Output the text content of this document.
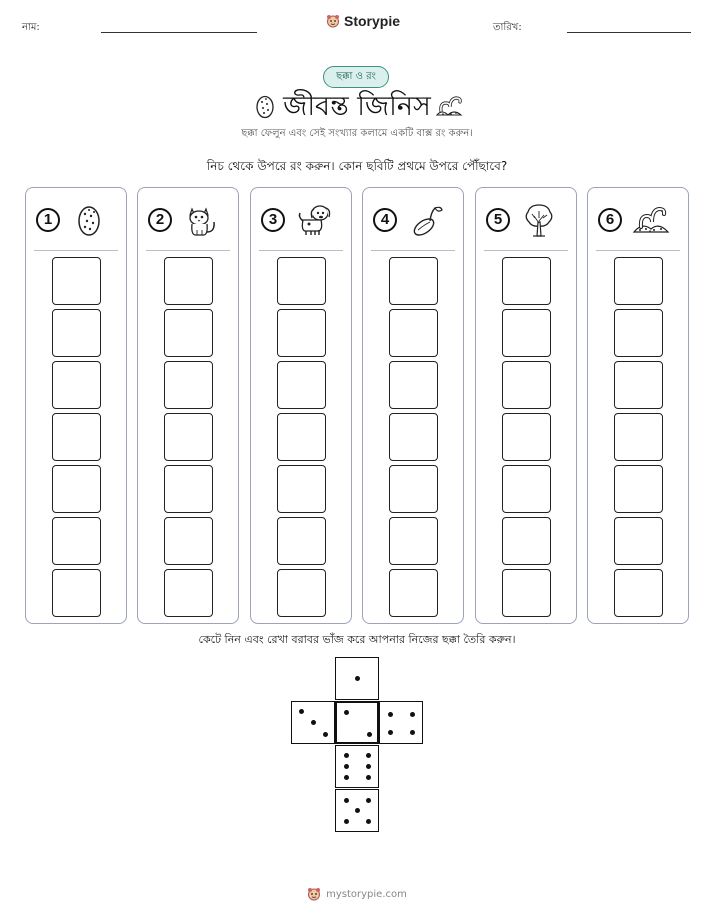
নাম:	Storypie	তারিখ:
ছক্কা ও রং
জীবন্ত জিনিস
ছক্কা ফেলুন এবং সেই সংখ্যার কলামে একটি বাক্স রং করুন।
নিচ থেকে উপরে রং করুন। কোন ছবিটি প্রথমে উপরে পৌঁছাবে?
1	2	3	4	5	6
কেটে নিন এবং রেখা বরাবর ভাঁজ করে আপনার নিজের ছক্কা তৈরি করুন।
mystorypie.com
